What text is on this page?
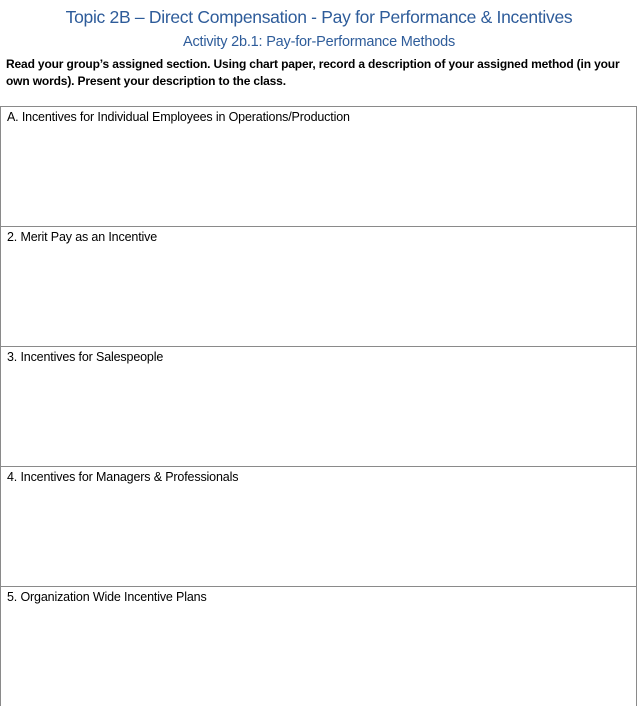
Topic 2B – Direct Compensation - Pay for Performance & Incentives
Activity 2b.1: Pay-for-Performance Methods
Read your group’s assigned section. Using chart paper, record a description of your assigned method (in your own words). Present your description to the class.
A. Incentives for Individual Employees in Operations/Production
2. Merit Pay as an Incentive
3. Incentives for Salespeople
4. Incentives for Managers & Professionals
5. Organization Wide Incentive Plans
